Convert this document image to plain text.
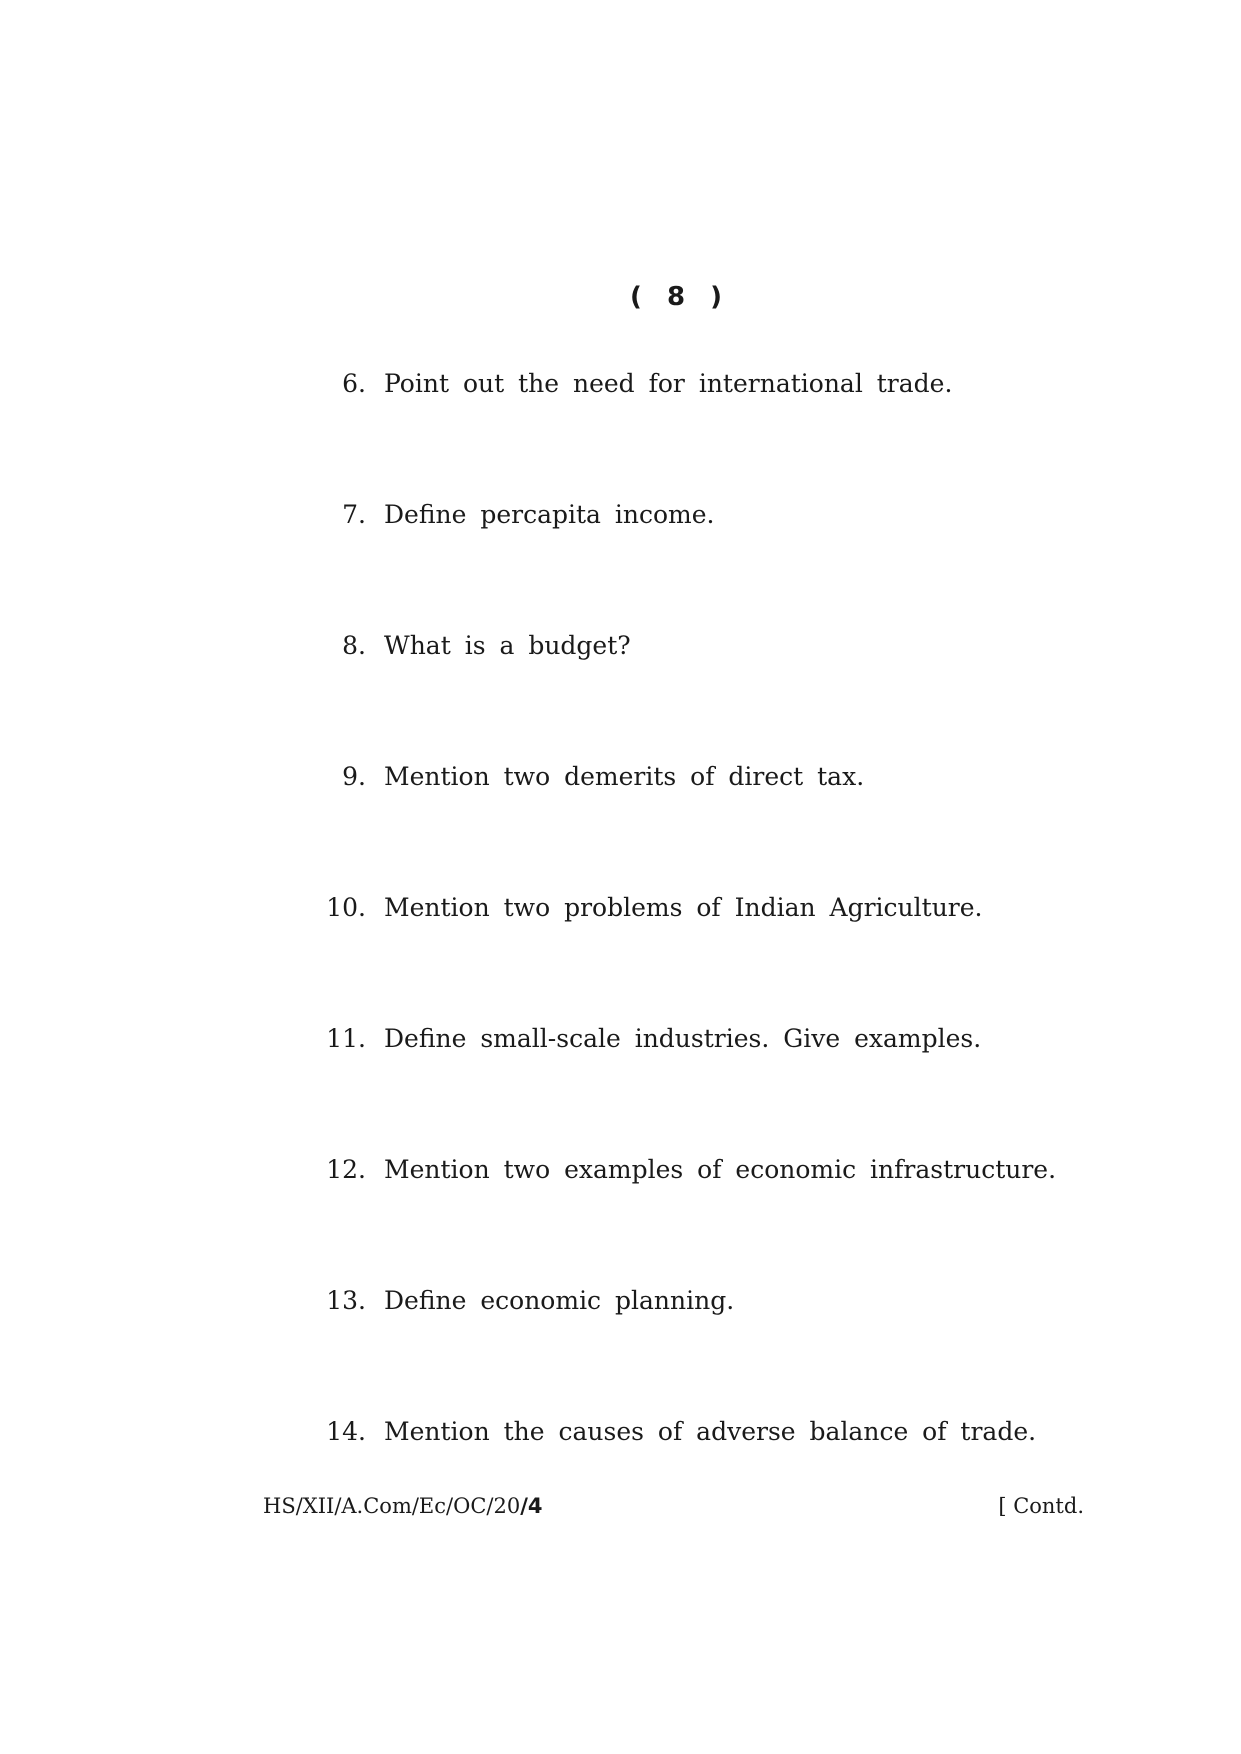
( 8 )
6. Point out the need for international trade.
7. Define percapita income.
8. What is a budget?
9. Mention two demerits of direct tax.
10. Mention two problems of Indian Agriculture.
11. Define small-scale industries. Give examples.
12. Mention two examples of economic infrastructure.
13. Define economic planning.
14. Mention the causes of adverse balance of trade.
HS/XII/A.Com/Ec/OC/20/4	[ Contd.
